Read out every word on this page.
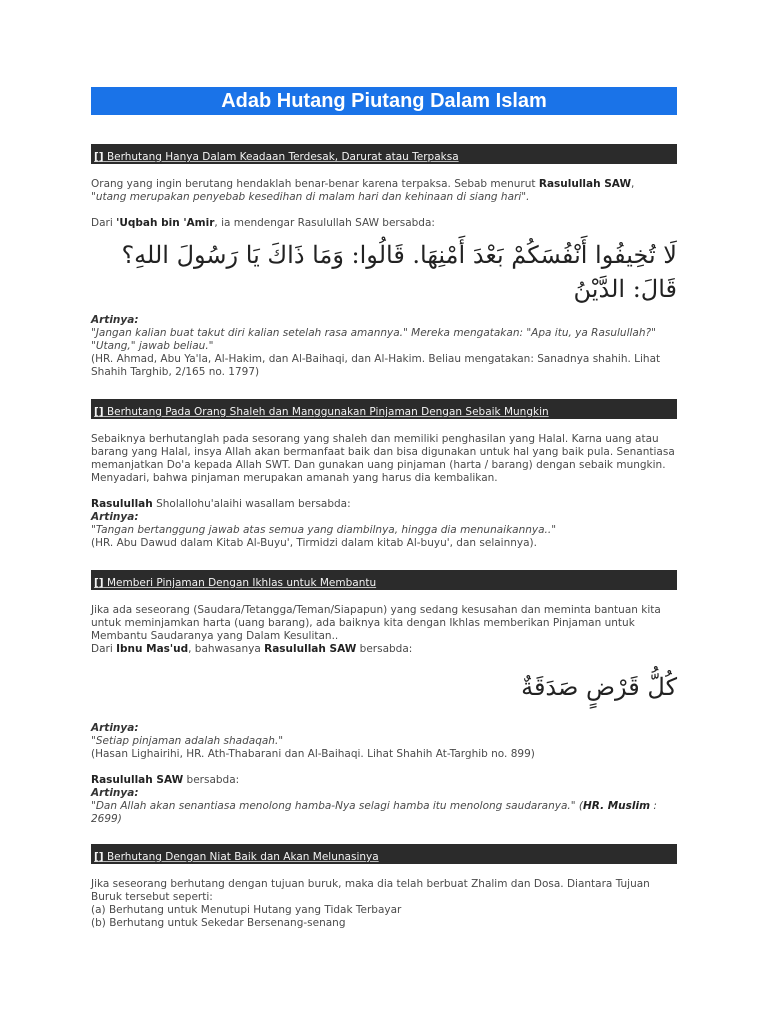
Adab Hutang Piutang Dalam Islam
[] Berhutang Hanya Dalam Keadaan Terdesak, Darurat atau Terpaksa

Orang yang ingin berutang hendaklah benar-benar karena terpaksa. Sebab menurut Rasulullah SAW,
"utang merupakan penyebab kesedihan di malam hari dan kehinaan di siang hari".

Dari 'Uqbah bin 'Amir, ia mendengar Rasulullah SAW bersabda:

لَا تُخِيفُوا أَنْفُسَكُمْ بَعْدَ أَمْنِهَا. قَالُوا: وَمَا ذَاكَ يَا رَسُولَ اللهِ؟ قَالَ: الدَّيْنُ
Artinya:

"Jangan kalian buat takut diri kalian setelah rasa amannya." Mereka mengatakan: "Apa itu, ya Rasulullah?"
"Utang," jawab beliau."

(HR. Ahmad, Abu Ya'la, Al-Hakim, dan Al-Baihaqi, dan Al-Hakim. Beliau mengatakan: Sanadnya shahih. Lihat Shahih Targhib, 2/165 no. 1797)

[] Berhutang Pada Orang Shaleh dan Manggunakan Pinjaman Dengan Sebaik Mungkin

Sebaiknya berhutanglah pada sesorang yang shaleh dan memiliki penghasilan yang Halal. Karna uang atau barang yang Halal, insya Allah akan bermanfaat baik dan bisa digunakan untuk hal yang baik pula. Senantiasa memanjatkan Do'a kepada Allah SWT. Dan gunakan uang pinjaman (harta / barang) dengan sebaik mungkin. Menyadari, bahwa pinjaman merupakan amanah yang harus dia kembalikan.

Rasulullah Sholallohu'alaihi wasallam bersabda:

Artinya:

"Tangan bertanggung jawab atas semua yang diambilnya, hingga dia menunaikannya.."

(HR. Abu Dawud dalam Kitab Al-Buyu', Tirmidzi dalam kitab Al-buyu', dan selainnya).

[] Memberi Pinjaman Dengan Ikhlas untuk Membantu

Jika ada seseorang (Saudara/Tetangga/Teman/Siapapun) yang sedang kesusahan dan meminta bantuan kita untuk meminjamkan harta (uang barang), ada baiknya kita dengan Ikhlas memberikan Pinjaman untuk Membantu Saudaranya yang Dalam Kesulitan..

Dari Ibnu Mas'ud, bahwasanya Rasulullah SAW bersabda:

كُلُّ قَرْضٍ صَدَقَةٌ
Artinya:

"Setiap pinjaman adalah shadaqah."

(Hasan Lighairihi, HR. Ath-Thabarani dan Al-Baihaqi. Lihat Shahih At-Targhib no. 899)

Rasulullah SAW bersabda:

Artinya:

"Dan Allah akan senantiasa menolong hamba-Nya selagi hamba itu menolong saudaranya." (HR. Muslim : 2699)

[] Berhutang Dengan Niat Baik dan Akan Melunasinya

Jika seseorang berhutang dengan tujuan buruk, maka dia telah berbuat Zhalim dan Dosa. Diantara Tujuan Buruk tersebut seperti:

(a) Berhutang untuk Menutupi Hutang yang Tidak Terbayar

(b) Berhutang untuk Sekedar Bersenang-senang
